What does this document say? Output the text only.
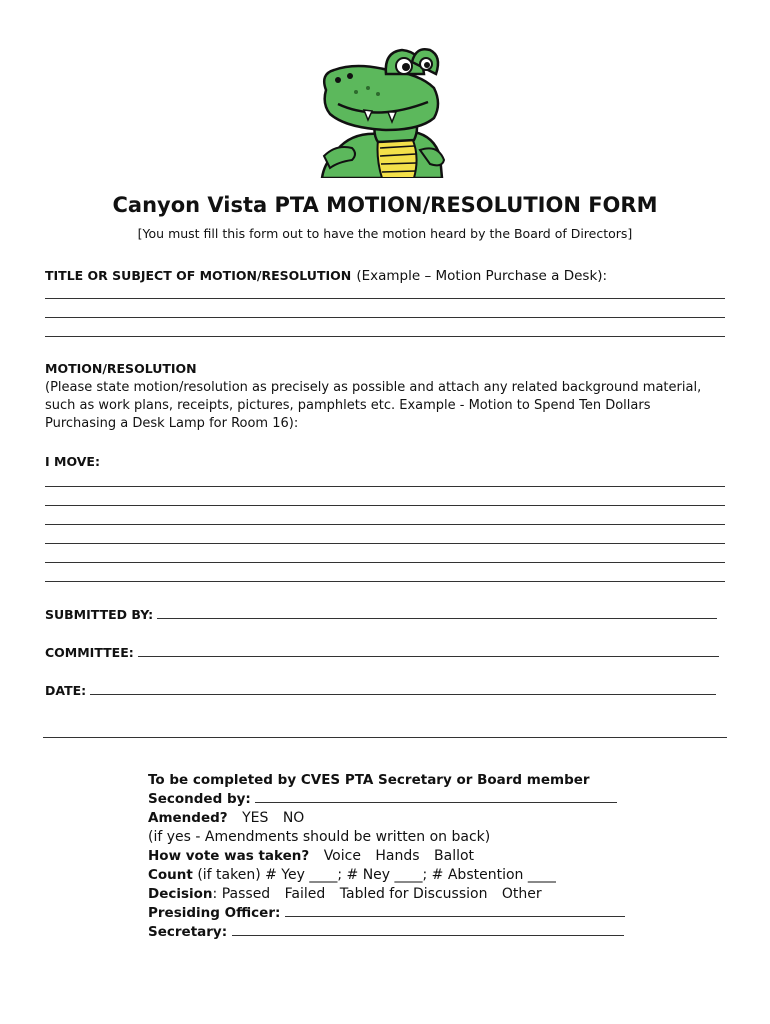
Canyon Vista PTA MOTION/RESOLUTION FORM
[You must fill this form out to have the motion heard by the Board of Directors]
TITLE OR SUBJECT OF MOTION/RESOLUTION (Example – Motion Purchase a Desk):
MOTION/RESOLUTION
(Please state motion/resolution as precisely as possible and attach any related background material,
such as work plans, receipts, pictures, pamphlets etc. Example - Motion to Spend Ten Dollars
Purchasing a Desk Lamp for Room 16):
I MOVE:
SUBMITTED BY:
COMMITTEE:
DATE:
To be completed by CVES PTA Secretary or Board member
Seconded by:
Amended? YES NO
(if yes - Amendments should be written on back)
How vote was taken? Voice Hands Ballot
Count (if taken) # Yey ____; # Ney ____; # Abstention ____
Decision: Passed Failed Tabled for Discussion Other
Presiding Officer:
Secretary:
